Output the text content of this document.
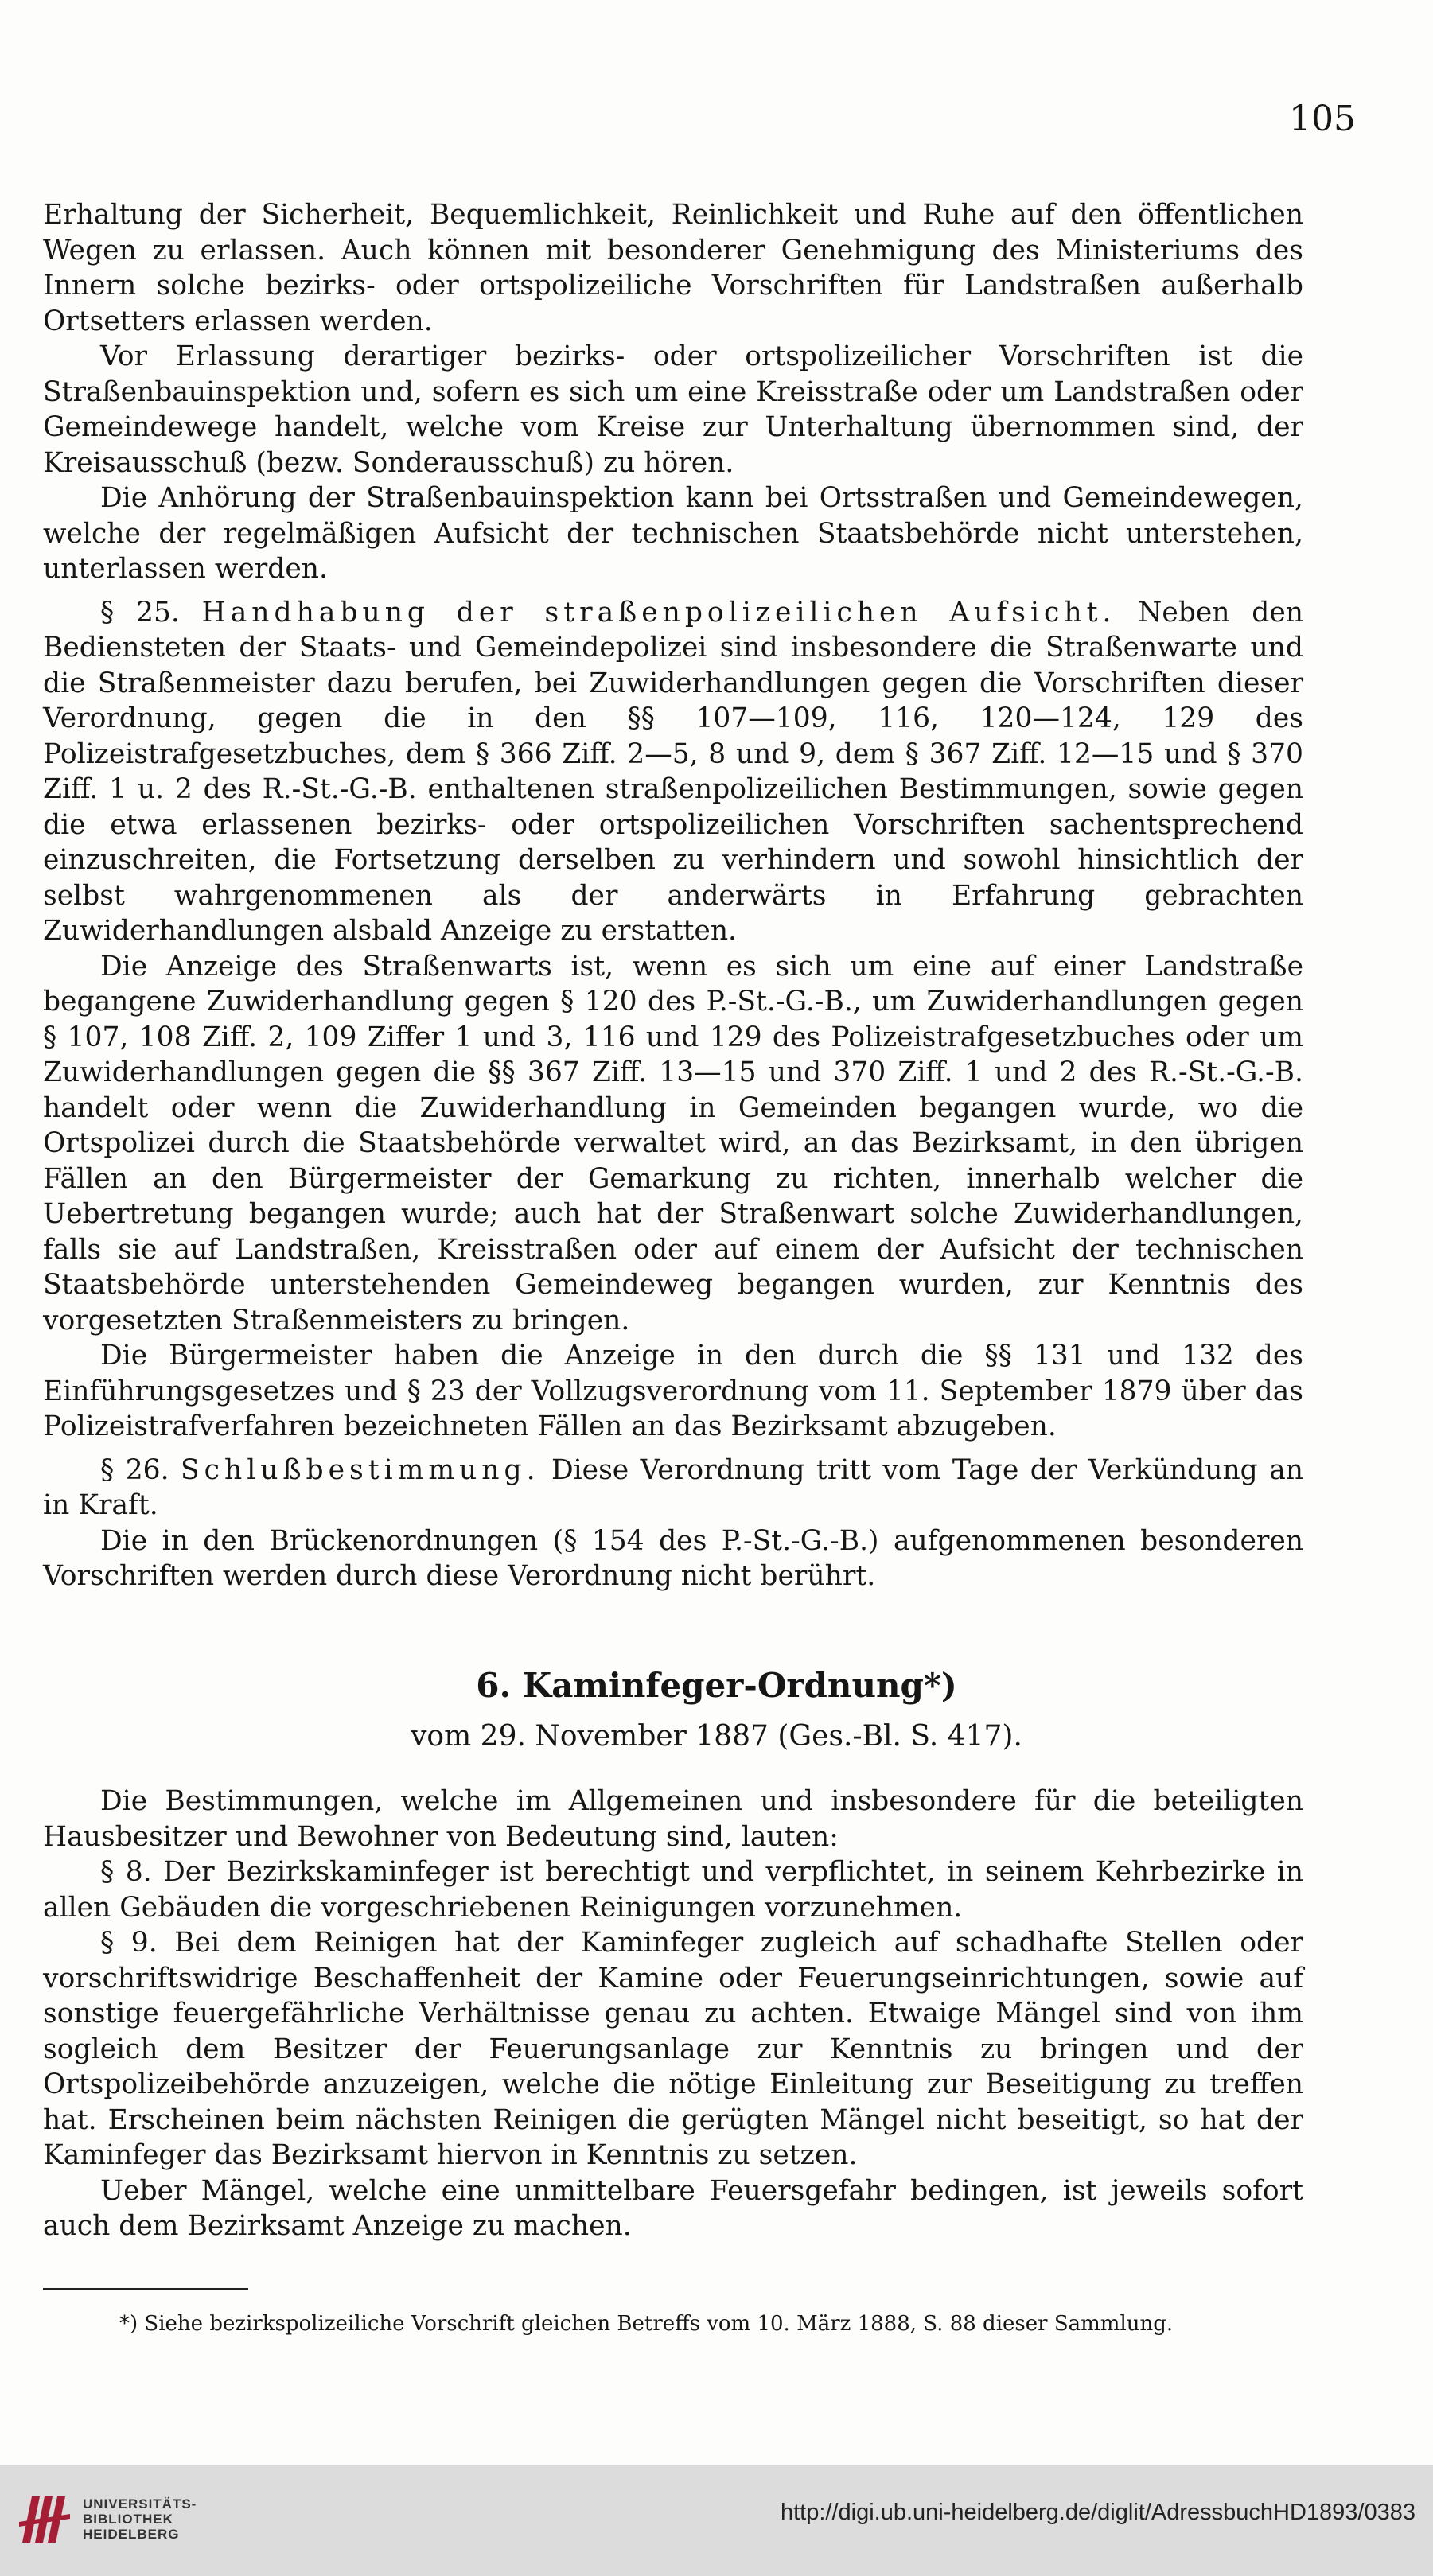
105

Erhaltung der Sicherheit, Bequemlichkeit, Reinlichkeit und Ruhe auf den öffentlichen Wegen zu erlassen. Auch können mit besonderer Genehmigung des Ministeriums des Innern solche bezirks- oder ortspolizeiliche Vorschriften für Landstraßen außerhalb Ortsetters erlassen werden.

Vor Erlassung derartiger bezirks- oder ortspolizeilicher Vorschriften ist die Straßenbauinspektion und, sofern es sich um eine Kreisstraße oder um Landstraßen oder Gemeindewege handelt, welche vom Kreise zur Unterhaltung übernommen sind, der Kreisausschuß (bezw. Sonderausschuß) zu hören.

Die Anhörung der Straßenbauinspektion kann bei Ortsstraßen und Gemeindewegen, welche der regelmäßigen Aufsicht der technischen Staatsbehörde nicht unterstehen, unterlassen werden.

§ 25. Handhabung der straßenpolizeilichen Aufsicht. Neben den Bediensteten der Staats- und Gemeindepolizei sind insbesondere die Straßenwarte und die Straßenmeister dazu berufen, bei Zuwiderhandlungen gegen die Vorschriften dieser Verordnung, gegen die in den §§ 107—109, 116, 120—124, 129 des Polizeistrafgesetzbuches, dem § 366 Ziff. 2—5, 8 und 9, dem § 367 Ziff. 12—15 und § 370 Ziff. 1 u. 2 des R.-St.-G.-B. enthaltenen straßenpolizeilichen Bestimmungen, sowie gegen die etwa erlassenen bezirks- oder ortspolizeilichen Vorschriften sachentsprechend einzuschreiten, die Fortsetzung derselben zu verhindern und sowohl hinsichtlich der selbst wahrgenommenen als der anderwärts in Erfahrung gebrachten Zuwiderhandlungen alsbald Anzeige zu erstatten.

Die Anzeige des Straßenwarts ist, wenn es sich um eine auf einer Landstraße begangene Zuwiderhandlung gegen § 120 des P.-St.-G.-B., um Zuwiderhandlungen gegen § 107, 108 Ziff. 2, 109 Ziffer 1 und 3, 116 und 129 des Polizeistrafgesetzbuches oder um Zuwiderhandlungen gegen die §§ 367 Ziff. 13—15 und 370 Ziff. 1 und 2 des R.-St.-G.-B. handelt oder wenn die Zuwiderhandlung in Gemeinden begangen wurde, wo die Ortspolizei durch die Staatsbehörde verwaltet wird, an das Bezirksamt, in den übrigen Fällen an den Bürgermeister der Gemarkung zu richten, innerhalb welcher die Uebertretung begangen wurde; auch hat der Straßenwart solche Zuwiderhandlungen, falls sie auf Landstraßen, Kreisstraßen oder auf einem der Aufsicht der technischen Staatsbehörde unterstehenden Gemeindeweg begangen wurden, zur Kenntnis des vorgesetzten Straßenmeisters zu bringen.

Die Bürgermeister haben die Anzeige in den durch die §§ 131 und 132 des Einführungsgesetzes und § 23 der Vollzugsverordnung vom 11. September 1879 über das Polizeistrafverfahren bezeichneten Fällen an das Bezirksamt abzugeben.

§ 26. Schlußbestimmung. Diese Verordnung tritt vom Tage der Verkündung an in Kraft.

Die in den Brückenordnungen (§ 154 des P.-St.-G.-B.) aufgenommenen besonderen Vorschriften werden durch diese Verordnung nicht berührt.

6. Kaminfeger-Ordnung*)
vom 29. November 1887 (Ges.-Bl. S. 417).

Die Bestimmungen, welche im Allgemeinen und insbesondere für die beteiligten Hausbesitzer und Bewohner von Bedeutung sind, lauten:

§ 8. Der Bezirkskaminfeger ist berechtigt und verpflichtet, in seinem Kehrbezirke in allen Gebäuden die vorgeschriebenen Reinigungen vorzunehmen.

§ 9. Bei dem Reinigen hat der Kaminfeger zugleich auf schadhafte Stellen oder vorschriftswidrige Beschaffenheit der Kamine oder Feuerungseinrichtungen, sowie auf sonstige feuergefährliche Verhältnisse genau zu achten. Etwaige Mängel sind von ihm sogleich dem Besitzer der Feuerungsanlage zur Kenntnis zu bringen und der Ortspolizeibehörde anzuzeigen, welche die nötige Einleitung zur Beseitigung zu treffen hat. Erscheinen beim nächsten Reinigen die gerügten Mängel nicht beseitigt, so hat der Kaminfeger das Bezirksamt hiervon in Kenntnis zu setzen.

Ueber Mängel, welche eine unmittelbare Feuersgefahr bedingen, ist jeweils sofort auch dem Bezirksamt Anzeige zu machen.

*) Siehe bezirkspolizeiliche Vorschrift gleichen Betreffs vom 10. März 1888, S. 88 dieser Sammlung.
UNIVERSITÄTS-
BIBLIOTHEK
HEIDELBERG
http://digi.ub.uni-heidelberg.de/diglit/AdressbuchHD1893/0383
